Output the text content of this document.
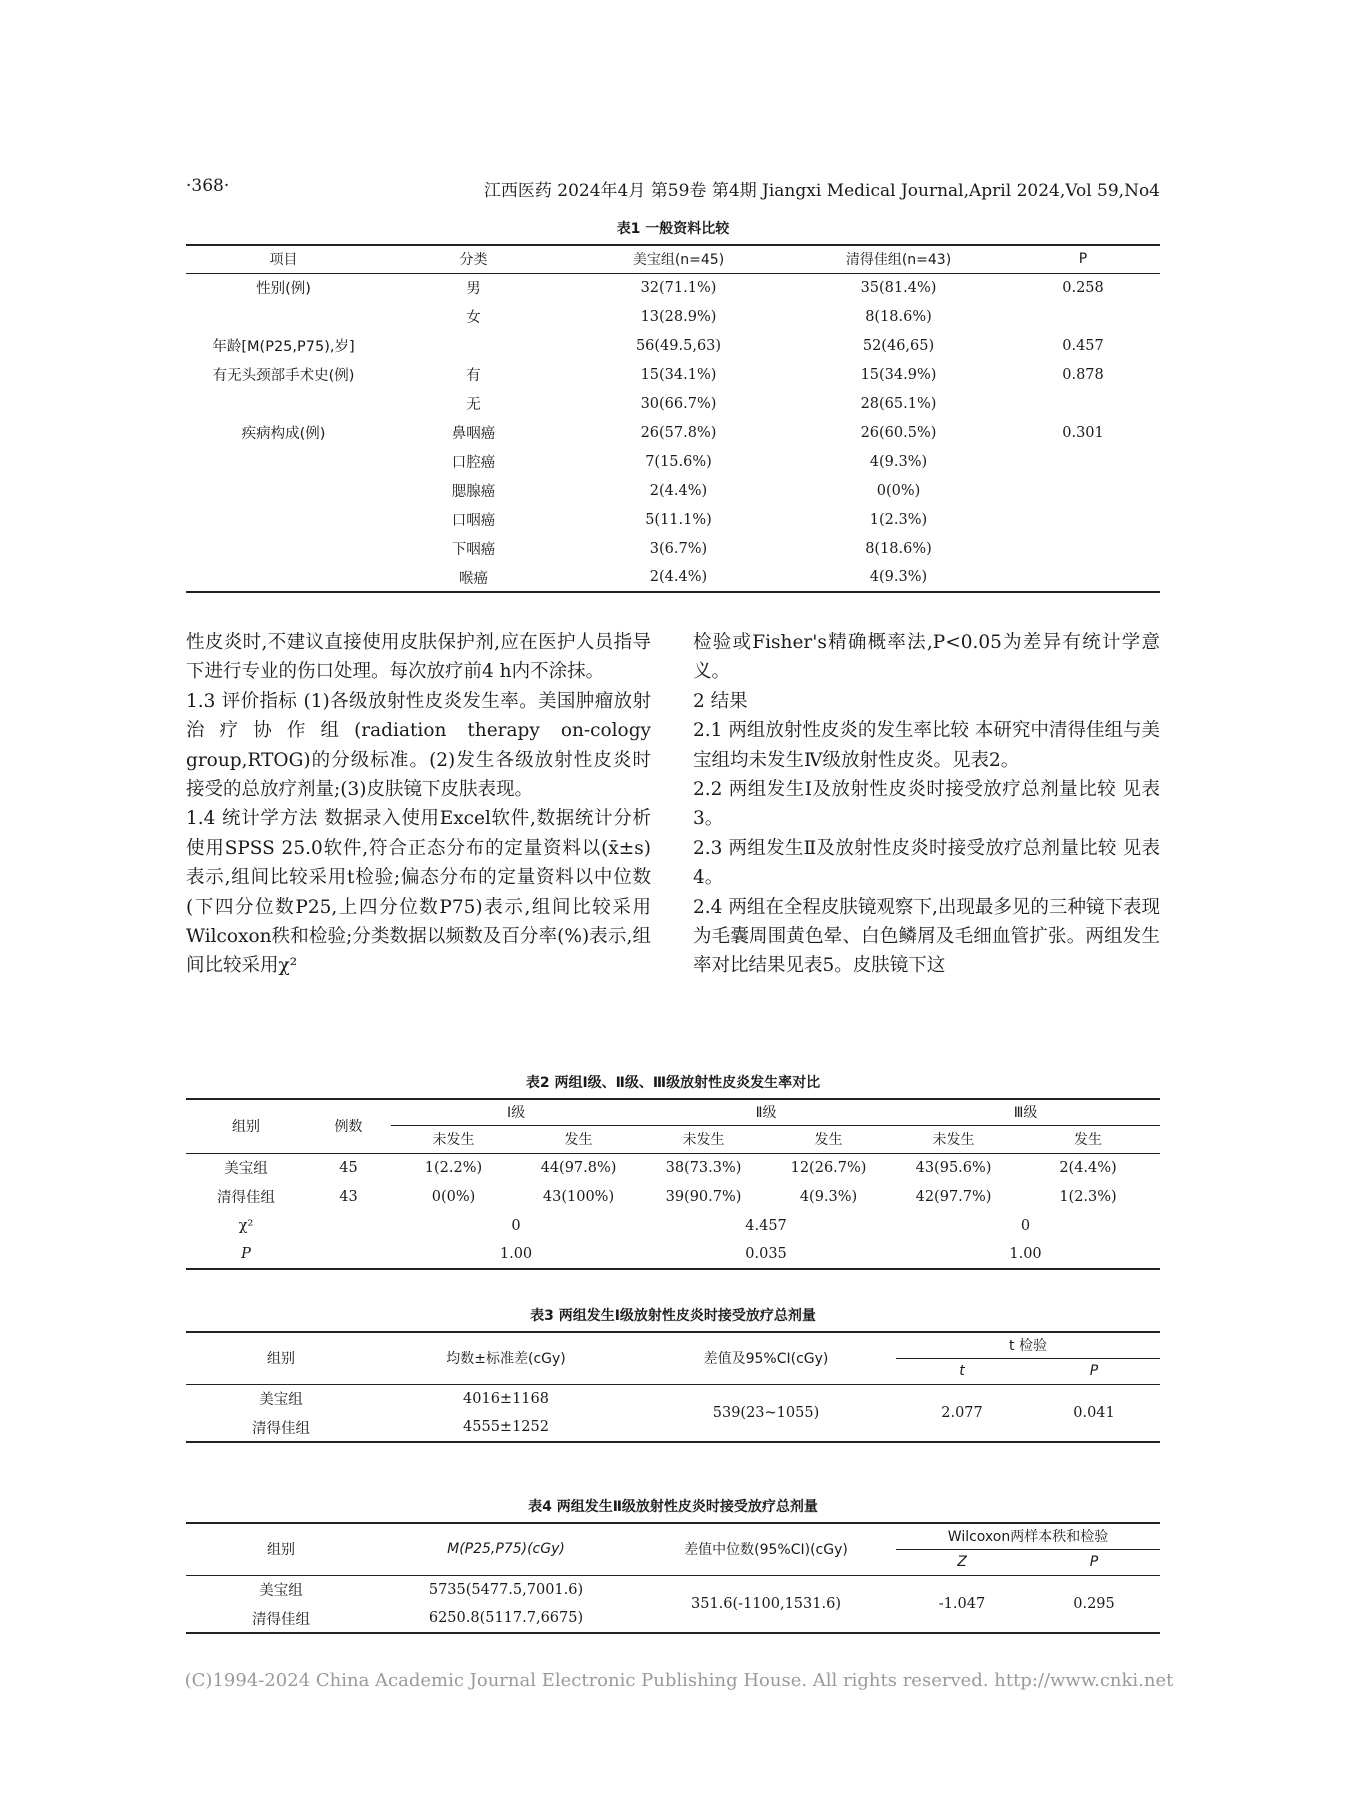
·368·	江西医药 2024年4月 第59卷 第4期 Jiangxi Medical Journal,April 2024,Vol 59,No4
表1 一般资料比较
项目	分类	美宝组(n=45)	清得佳组(n=43)	P
性别(例)	男	32(71.1%)	35(81.4%)	0.258
	女	13(28.9%)	8(18.6%)	
年龄[M(P25,P75),岁]		56(49.5,63)	52(46,65)	0.457
有无头颈部手术史(例)	有	15(34.1%)	15(34.9%)	0.878
	无	30(66.7%)	28(65.1%)	
疾病构成(例)	鼻咽癌	26(57.8%)	26(60.5%)	0.301
	口腔癌	7(15.6%)	4(9.3%)	
	腮腺癌	2(4.4%)	0(0%)	
	口咽癌	5(11.1%)	1(2.3%)	
	下咽癌	3(6.7%)	8(18.6%)	
	喉癌	2(4.4%)	4(9.3%)	

性皮炎时,不建议直接使用皮肤保护剂,应在医护人员指导下进行专业的伤口处理。每次放疗前4 h内不涂抹。

1.3 评价指标 (1)各级放射性皮炎发生率。美国肿瘤放射治疗协作组(radiation therapy on-cology group,RTOG)的分级标准。(2)发生各级放射性皮炎时接受的总放疗剂量;(3)皮肤镜下皮肤表现。

1.4 统计学方法 数据录入使用Excel软件,数据统计分析使用SPSS 25.0软件,符合正态分布的定量资料以(x̄±s)表示,组间比较采用t检验;偏态分布的定量资料以中位数(下四分位数P25,上四分位数P75)表示,组间比较采用Wilcoxon秩和检验;分类数据以频数及百分率(%)表示,组间比较采用χ²

检验或Fisher's精确概率法,P<0.05为差异有统计学意义。

2 结果

2.1 两组放射性皮炎的发生率比较 本研究中清得佳组与美宝组均未发生Ⅳ级放射性皮炎。见表2。

2.2 两组发生Ⅰ及放射性皮炎时接受放疗总剂量比较 见表3。

2.3 两组发生Ⅱ及放射性皮炎时接受放疗总剂量比较 见表4。

2.4 两组在全程皮肤镜观察下,出现最多见的三种镜下表现为毛囊周围黄色晕、白色鳞屑及毛细血管扩张。两组发生率对比结果见表5。皮肤镜下这

表2 两组Ⅰ级、Ⅱ级、Ⅲ级放射性皮炎发生率对比
组别	例数	Ⅰ级		Ⅱ级		Ⅲ级	
		未发生	发生	未发生	发生	未发生	发生
美宝组	45	1(2.2%)	44(97.8%)	38(73.3%)	12(26.7%)	43(95.6%)	2(4.4%)
清得佳组	43	0(0%)	43(100%)	39(90.7%)	4(9.3%)	42(97.7%)	1(2.3%)
χ²		0		4.457		0	
P		1.00		0.035		1.00	
表3 两组发生Ⅰ级放射性皮炎时接受放疗总剂量
组别	均数±标准差(cGy)	差值及95%CI(cGy)	t 检验	
			t	P
美宝组	4016±1168	539(23~1055)	2.077	0.041
清得佳组	4555±1252			
表4 两组发生Ⅱ级放射性皮炎时接受放疗总剂量
组别	M(P25,P75)(cGy)	差值中位数(95%CI)(cGy)	Wilcoxon两样本秩和检验	
			Z	P
美宝组	5735(5477.5,7001.6)	351.6(-1100,1531.6)	-1.047	0.295
清得佳组	6250.8(5117.7,6675)			
(C)1994-2024 China Academic Journal Electronic Publishing House. All rights reserved. http://www.cnki.net
